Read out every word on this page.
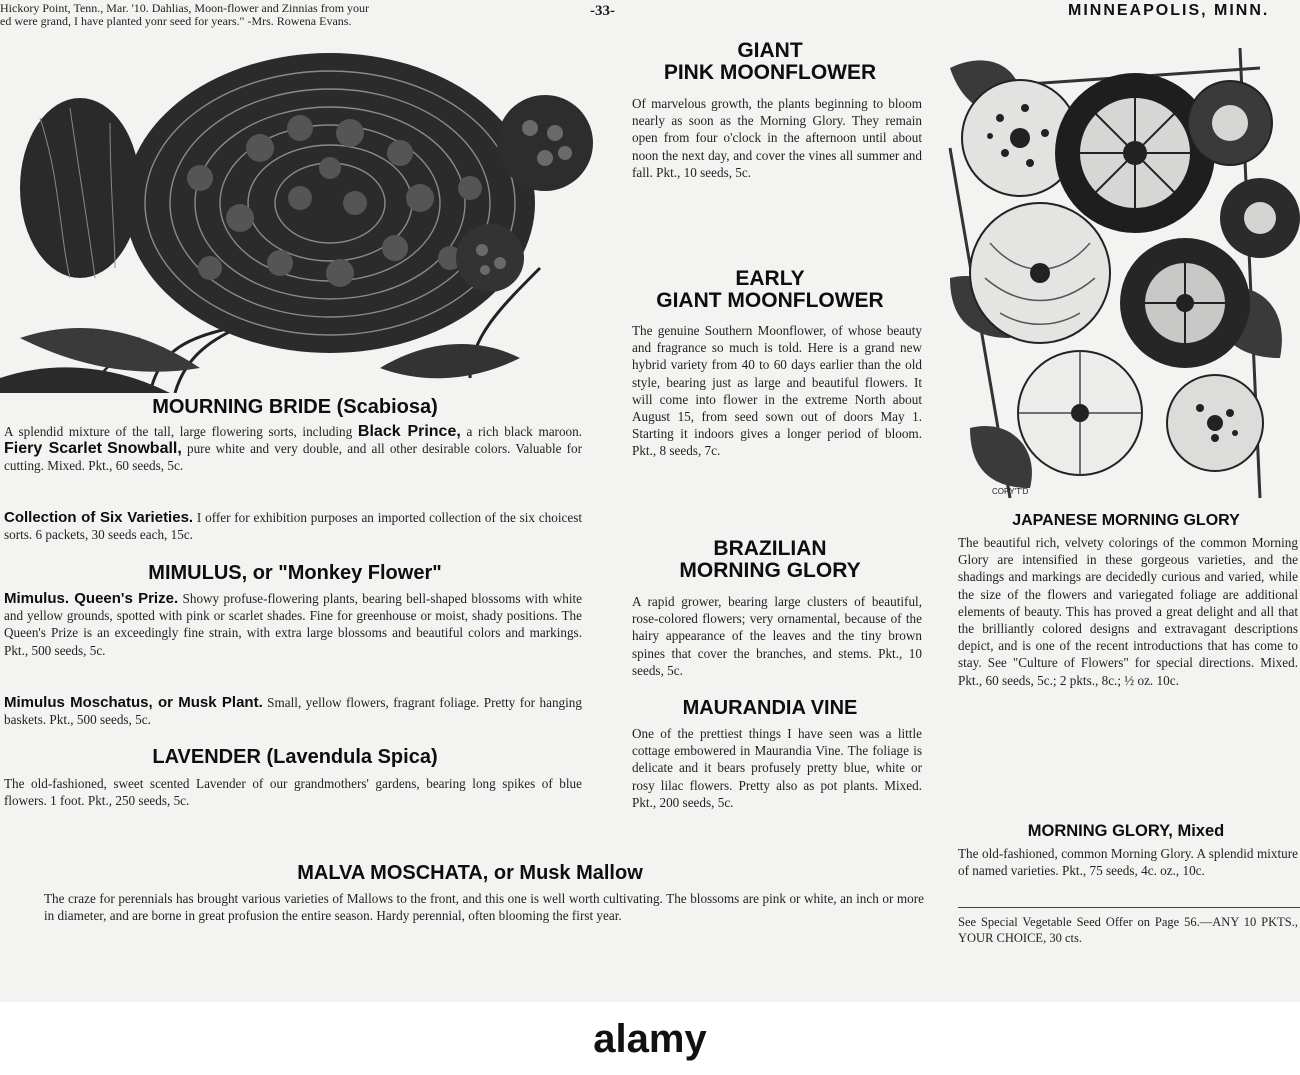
Hickory Point, Tenn., Mar. '10. Dahlias, Moon-flower and Zinnias from your
ed were grand, I have planted yonr seed for years." -Mrs. Rowena Evans.
-33-	MINNEAPOLIS, MINN.
MOURNING BRIDE (Scabiosa)
A splendid mixture of the tall, large flowering sorts, including Black Prince, a rich black maroon. Fiery Scarlet Snowball, pure white and very double, and all other desirable colors. Valuable for cutting. Mixed. Pkt., 60 seeds, 5c.
Collection of Six Varieties. I offer for exhibition purposes an imported collection of the six choicest sorts. 6 packets, 30 seeds each, 15c.
MIMULUS, or "Monkey Flower"
Mimulus. Queen's Prize. Showy profuse-flowering plants, bearing bell-shaped blossoms with white and yellow grounds, spotted with pink or scarlet shades. Fine for greenhouse or moist, shady positions. The Queen's Prize is an exceedingly fine strain, with extra large blossoms and beautiful colors and markings. Pkt., 500 seeds, 5c.
Mimulus Moschatus, or Musk Plant. Small, yellow flowers, fragrant foliage. Pretty for hanging baskets. Pkt., 500 seeds, 5c.
LAVENDER (Lavendula Spica)
The old-fashioned, sweet scented Lavender of our grandmothers' gardens, bearing long spikes of blue flowers. 1 foot. Pkt., 250 seeds, 5c.
GIANT
PINK MOONFLOWER
Of marvelous growth, the plants beginning to bloom nearly as soon as the Morning Glory. They remain open from four o'clock in the afternoon until about noon the next day, and cover the vines all summer and fall. Pkt., 10 seeds, 5c.
EARLY
GIANT MOONFLOWER
The genuine Southern Moonflower, of whose beauty and fragrance so much is told. Here is a grand new hybrid variety from 40 to 60 days earlier than the old style, bearing just as large and beautiful flowers. It will come into flower in the extreme North about August 15, from seed sown out of doors May 1. Starting it indoors gives a longer period of bloom. Pkt., 8 seeds, 7c.
BRAZILIAN
MORNING GLORY
A rapid grower, bearing large clusters of beautiful, rose-colored flowers; very ornamental, because of the hairy appearance of the leaves and the tiny brown spines that cover the branches, and stems. Pkt., 10 seeds, 5c.
MAURANDIA VINE
One of the prettiest things I have seen was a little cottage embowered in Maurandia Vine. The foliage is delicate and it bears profusely pretty blue, white or rosy lilac flowers. Pretty also as pot plants. Mixed. Pkt., 200 seeds, 5c.
COPY'T'D
JAPANESE MORNING GLORY
The beautiful rich, velvety colorings of the common Morning Glory are intensified in these gorgeous varieties, and the shadings and markings are decidedly curious and varied, while the size of the flowers and variegated foliage are additional elements of beauty. This has proved a great delight and all that the brilliantly colored designs and extravagant descriptions depict, and is one of the recent introductions that has come to stay. See "Culture of Flowers" for special directions. Mixed. Pkt., 60 seeds, 5c.; 2 pkts., 8c.; ½ oz. 10c.
MORNING GLORY, Mixed
The old-fashioned, common Morning Glory. A splendid mixture of named varieties. Pkt., 75 seeds, 4c. oz., 10c.
See Special Vegetable Seed Offer on Page 56.—ANY 10 PKTS., YOUR CHOICE, 30 cts.
MALVA MOSCHATA, or Musk Mallow
The craze for perennials has brought various varieties of Mallows to the front, and this one is well worth cultivating. The blossoms are pink or white, an inch or more in diameter, and are borne in great profusion the entire season. Hardy perennial, often blooming the first year.
alamy
